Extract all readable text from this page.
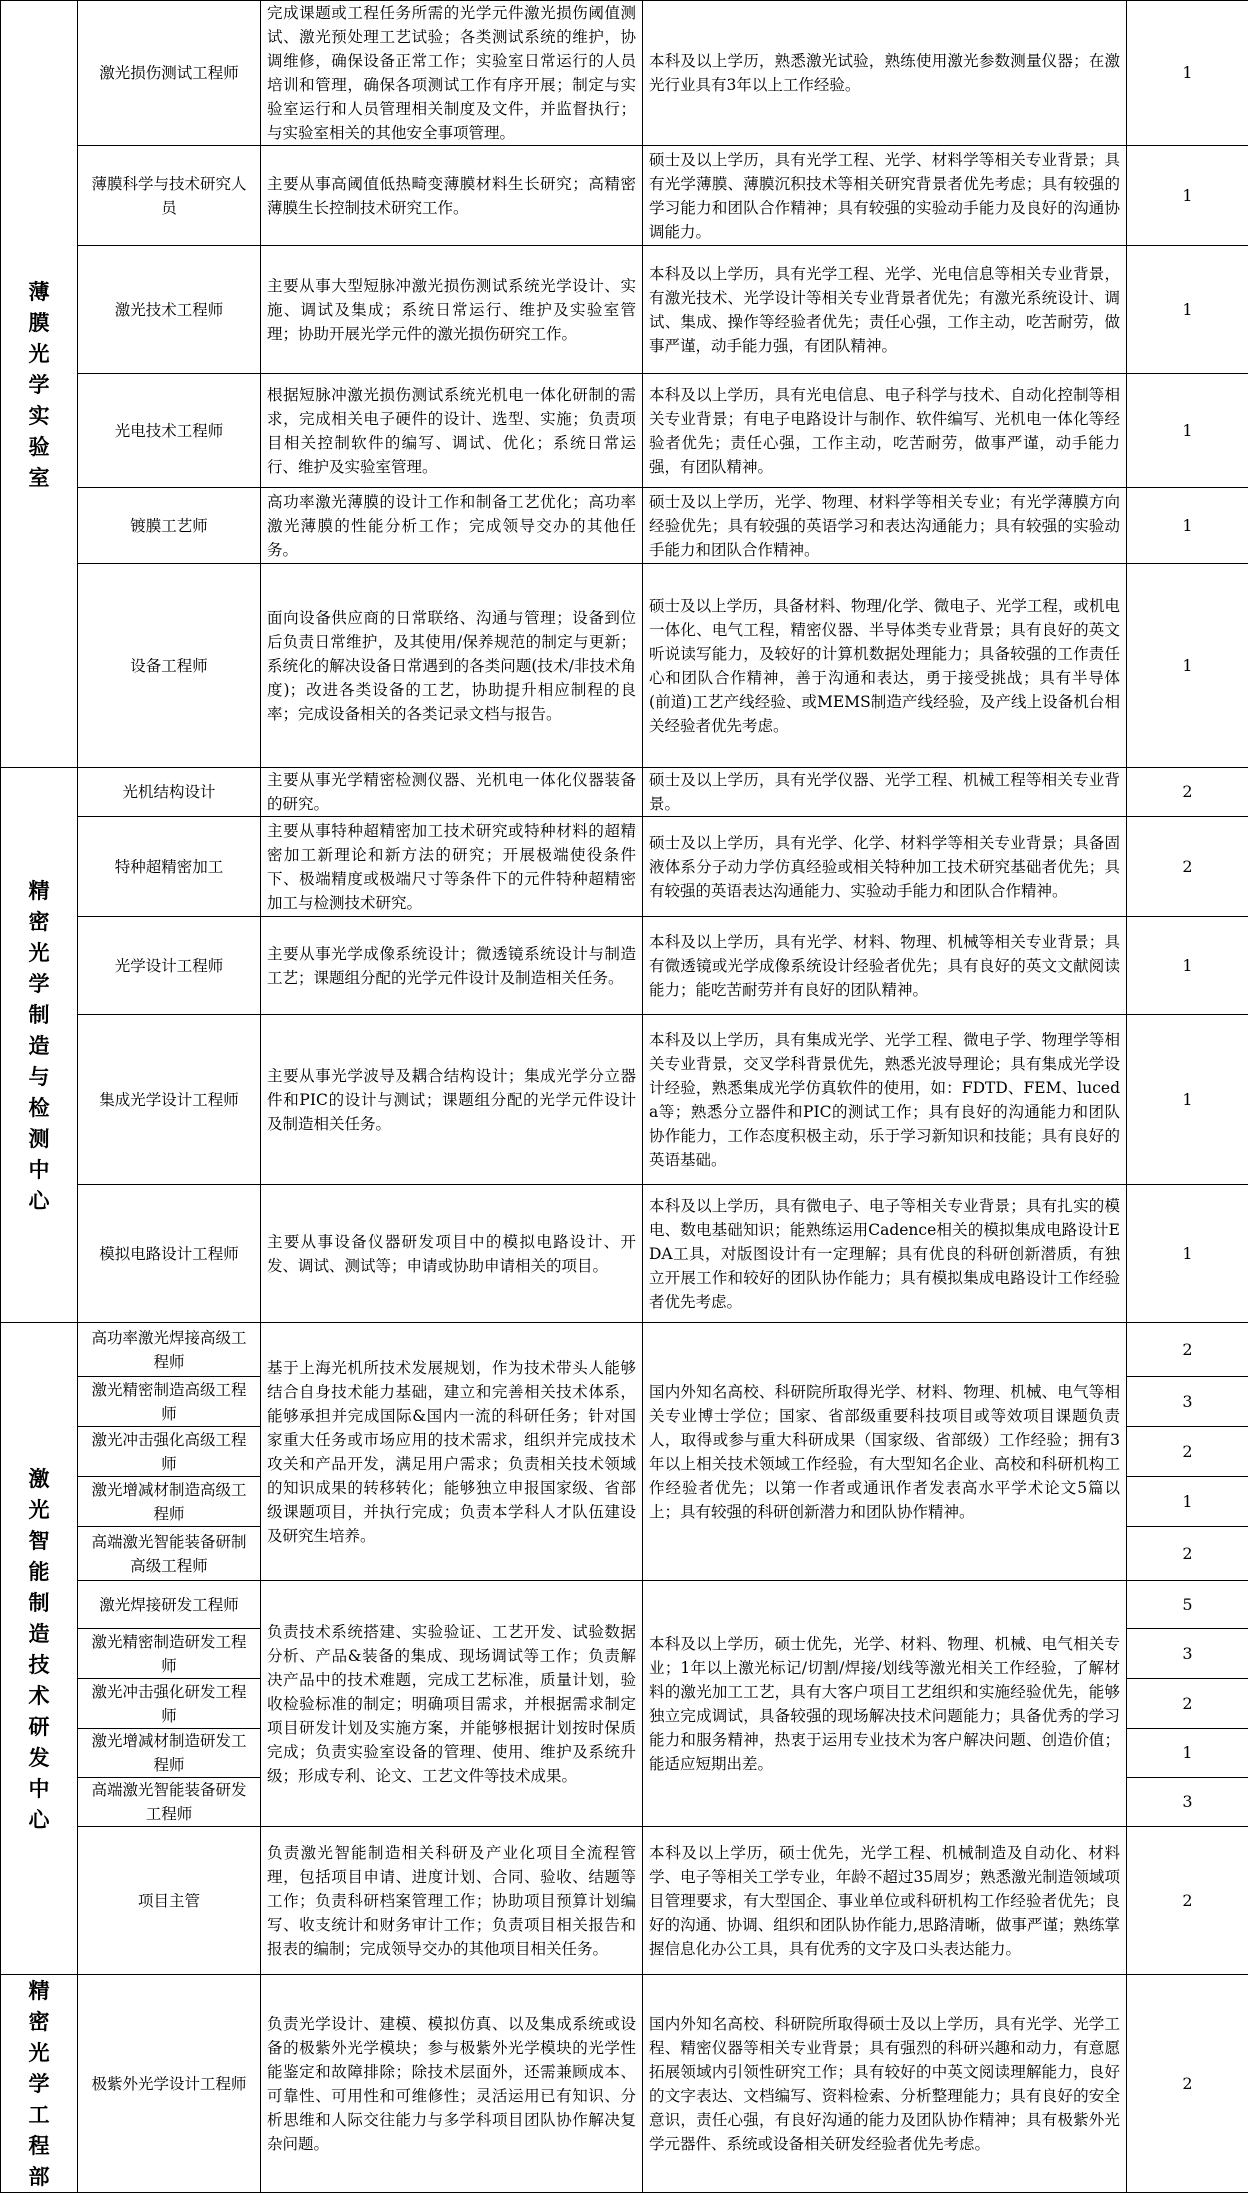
薄膜光学实验室	激光损伤测试工程师	完成课题或工程任务所需的光学元件激光损伤阈值测试、激光预处理工艺试验；各类测试系统的维护，协调维修，确保设备正常工作；实验室日常运行的人员培训和管理，确保各项测试工作有序开展；制定与实验室运行和人员管理相关制度及文件，并监督执行；与实验室相关的其他安全事项管理。	本科及以上学历，熟悉激光试验，熟练使用激光参数测量仪器；在激光行业具有3年以上工作经验。	1
	薄膜科学与技术研究人员	主要从事高阈值低热畸变薄膜材料生长研究；高精密薄膜生长控制技术研究工作。	硕士及以上学历，具有光学工程、光学、材料学等相关专业背景；具有光学薄膜、薄膜沉积技术等相关研究背景者优先考虑；具有较强的学习能力和团队合作精神；具有较强的实验动手能力及良好的沟通协调能力。	1
	激光技术工程师	主要从事大型短脉冲激光损伤测试系统光学设计、实施、调试及集成；系统日常运行、维护及实验室管理；协助开展光学元件的激光损伤研究工作。	本科及以上学历，具有光学工程、光学、光电信息等相关专业背景，有激光技术、光学设计等相关专业背景者优先；有激光系统设计、调试、集成、操作等经验者优先；责任心强，工作主动，吃苦耐劳，做事严谨，动手能力强，有团队精神。	1
	光电技术工程师	根据短脉冲激光损伤测试系统光机电一体化研制的需求，完成相关电子硬件的设计、选型、实施；负责项目相关控制软件的编写、调试、优化；系统日常运行、维护及实验室管理。	本科及以上学历，具有光电信息、电子科学与技术、自动化控制等相关专业背景；有电子电路设计与制作、软件编写、光机电一体化等经验者优先；责任心强，工作主动，吃苦耐劳，做事严谨，动手能力强，有团队精神。	1
	镀膜工艺师	高功率激光薄膜的设计工作和制备工艺优化；高功率激光薄膜的性能分析工作；完成领导交办的其他任务。	硕士及以上学历，光学、物理、材料学等相关专业；有光学薄膜方向经验优先；具有较强的英语学习和表达沟通能力；具有较强的实验动手能力和团队合作精神。	1
	设备工程师	面向设备供应商的日常联络、沟通与管理；设备到位后负责日常维护，及其使用/保养规范的制定与更新；系统化的解决设备日常遇到的各类问题(技术/非技术角度)；改进各类设备的工艺，协助提升相应制程的良率；完成设备相关的各类记录文档与报告。	硕士及以上学历，具备材料、物理/化学、微电子、光学工程，或机电一体化、电气工程，精密仪器、半导体类专业背景；具有良好的英文听说读写能力，及较好的计算机数据处理能力；具备较强的工作责任心和团队合作精神，善于沟通和表达，勇于接受挑战；具有半导体(前道)工艺产线经验、或MEMS制造产线经验，及产线上设备机台相关经验者优先考虑。	1
精密光学制造与检测中心	光机结构设计	主要从事光学精密检测仪器、光机电一体化仪器装备的研究。	硕士及以上学历，具有光学仪器、光学工程、机械工程等相关专业背景。	2
	特种超精密加工	主要从事特种超精密加工技术研究或特种材料的超精密加工新理论和新方法的研究；开展极端使役条件下、极端精度或极端尺寸等条件下的元件特种超精密加工与检测技术研究。	硕士及以上学历，具有光学、化学、材料学等相关专业背景；具备固液体系分子动力学仿真经验或相关特种加工技术研究基础者优先；具有较强的英语表达沟通能力、实验动手能力和团队合作精神。	2
	光学设计工程师	主要从事光学成像系统设计；微透镜系统设计与制造工艺；课题组分配的光学元件设计及制造相关任务。	本科及以上学历，具有光学、材料、物理、机械等相关专业背景；具有微透镜或光学成像系统设计经验者优先；具有良好的英文文献阅读能力；能吃苦耐劳并有良好的团队精神。	1
	集成光学设计工程师	主要从事光学波导及耦合结构设计；集成光学分立器件和PIC的设计与测试；课题组分配的光学元件设计及制造相关任务。	本科及以上学历，具有集成光学、光学工程、微电子学、物理学等相关专业背景，交叉学科背景优先，熟悉光波导理论；具有集成光学设计经验，熟悉集成光学仿真软件的使用，如：FDTD、FEM、luceda等；熟悉分立器件和PIC的测试工作；具有良好的沟通能力和团队协作能力，工作态度积极主动，乐于学习新知识和技能；具有良好的英语基础。	1
	模拟电路设计工程师	主要从事设备仪器研发项目中的模拟电路设计、开发、调试、测试等；申请或协助申请相关的项目。	本科及以上学历，具有微电子、电子等相关专业背景；具有扎实的模电、数电基础知识；能熟练运用Cadence相关的模拟集成电路设计EDA工具，对版图设计有一定理解；具有优良的科研创新潜质，有独立开展工作和较好的团队协作能力；具有模拟集成电路设计工作经验者优先考虑。	1
激光智能制造技术研发中心	高功率激光焊接高级工程师	基于上海光机所技术发展规划，作为技术带头人能够结合自身技术能力基础，建立和完善相关技术体系，能够承担并完成国际&国内一流的科研任务；针对国家重大任务或市场应用的技术需求，组织并完成技术攻关和产品开发，满足用户需求；负责相关技术领域的知识成果的转移转化；能够独立申报国家级、省部级课题项目，并执行完成；负责本学科人才队伍建设及研究生培养。	国内外知名高校、科研院所取得光学、材料、物理、机械、电气等相关专业博士学位；国家、省部级重要科技项目或等效项目课题负责人，取得或参与重大科研成果（国家级、省部级）工作经验；拥有3年以上相关技术领域工作经验，有大型知名企业、高校和科研机构工作经验者优先；以第一作者或通讯作者发表高水平学术论文5篇以上；具有较强的科研创新潜力和团队协作精神。	2
	激光精密制造高级工程师			3
	激光冲击强化高级工程师			2
	激光增减材制造高级工程师			1
	高端激光智能装备研制高级工程师			2
	激光焊接研发工程师	负责技术系统搭建、实验验证、工艺开发、试验数据分析、产品&装备的集成、现场调试等工作；负责解决产品中的技术难题，完成工艺标准，质量计划，验收检验标准的制定；明确项目需求，并根据需求制定项目研发计划及实施方案，并能够根据计划按时保质完成；负责实验室设备的管理、使用、维护及系统升级；形成专利、论文、工艺文件等技术成果。	本科及以上学历，硕士优先，光学、材料、物理、机械、电气相关专业；1年以上激光标记/切割/焊接/划线等激光相关工作经验，了解材料的激光加工工艺，具有大客户项目工艺组织和实施经验优先，能够独立完成调试，具备较强的现场解决技术问题能力；具备优秀的学习能力和服务精神，热衷于运用专业技术为客户解决问题、创造价值；能适应短期出差。	5
	激光精密制造研发工程师			3
	激光冲击强化研发工程师			2
	激光增减材制造研发工程师			1
	高端激光智能装备研发工程师			3
	项目主管	负责激光智能制造相关科研及产业化项目全流程管理，包括项目申请、进度计划、合同、验收、结题等工作；负责科研档案管理工作；协助项目预算计划编写、收支统计和财务审计工作；负责项目相关报告和报表的编制；完成领导交办的其他项目相关任务。	本科及以上学历，硕士优先，光学工程、机械制造及自动化、材料学、电子等相关工学专业，年龄不超过35周岁；熟悉激光制造领域项目管理要求，有大型国企、事业单位或科研机构工作经验者优先；良好的沟通、协调、组织和团队协作能力,思路清晰，做事严谨；熟练掌握信息化办公工具，具有优秀的文字及口头表达能力。	2
精密光学工程部	极紫外光学设计工程师	负责光学设计、建模、模拟仿真、以及集成系统或设备的极紫外光学模块；参与极紫外光学模块的光学性能鉴定和故障排除；除技术层面外，还需兼顾成本、可靠性、可用性和可维修性；灵活运用已有知识、分析思维和人际交往能力与多学科项目团队协作解决复杂问题。	国内外知名高校、科研院所取得硕士及以上学历，具有光学、光学工程、精密仪器等相关专业背景；具有强烈的科研兴趣和动力，有意愿拓展领域内引领性研究工作；具有较好的中英文阅读理解能力，良好的文字表达、文档编写、资料检索、分析整理能力；具有良好的安全意识，责任心强，有良好沟通的能力及团队协作精神；具有极紫外光学元器件、系统或设备相关研发经验者优先考虑。	2
